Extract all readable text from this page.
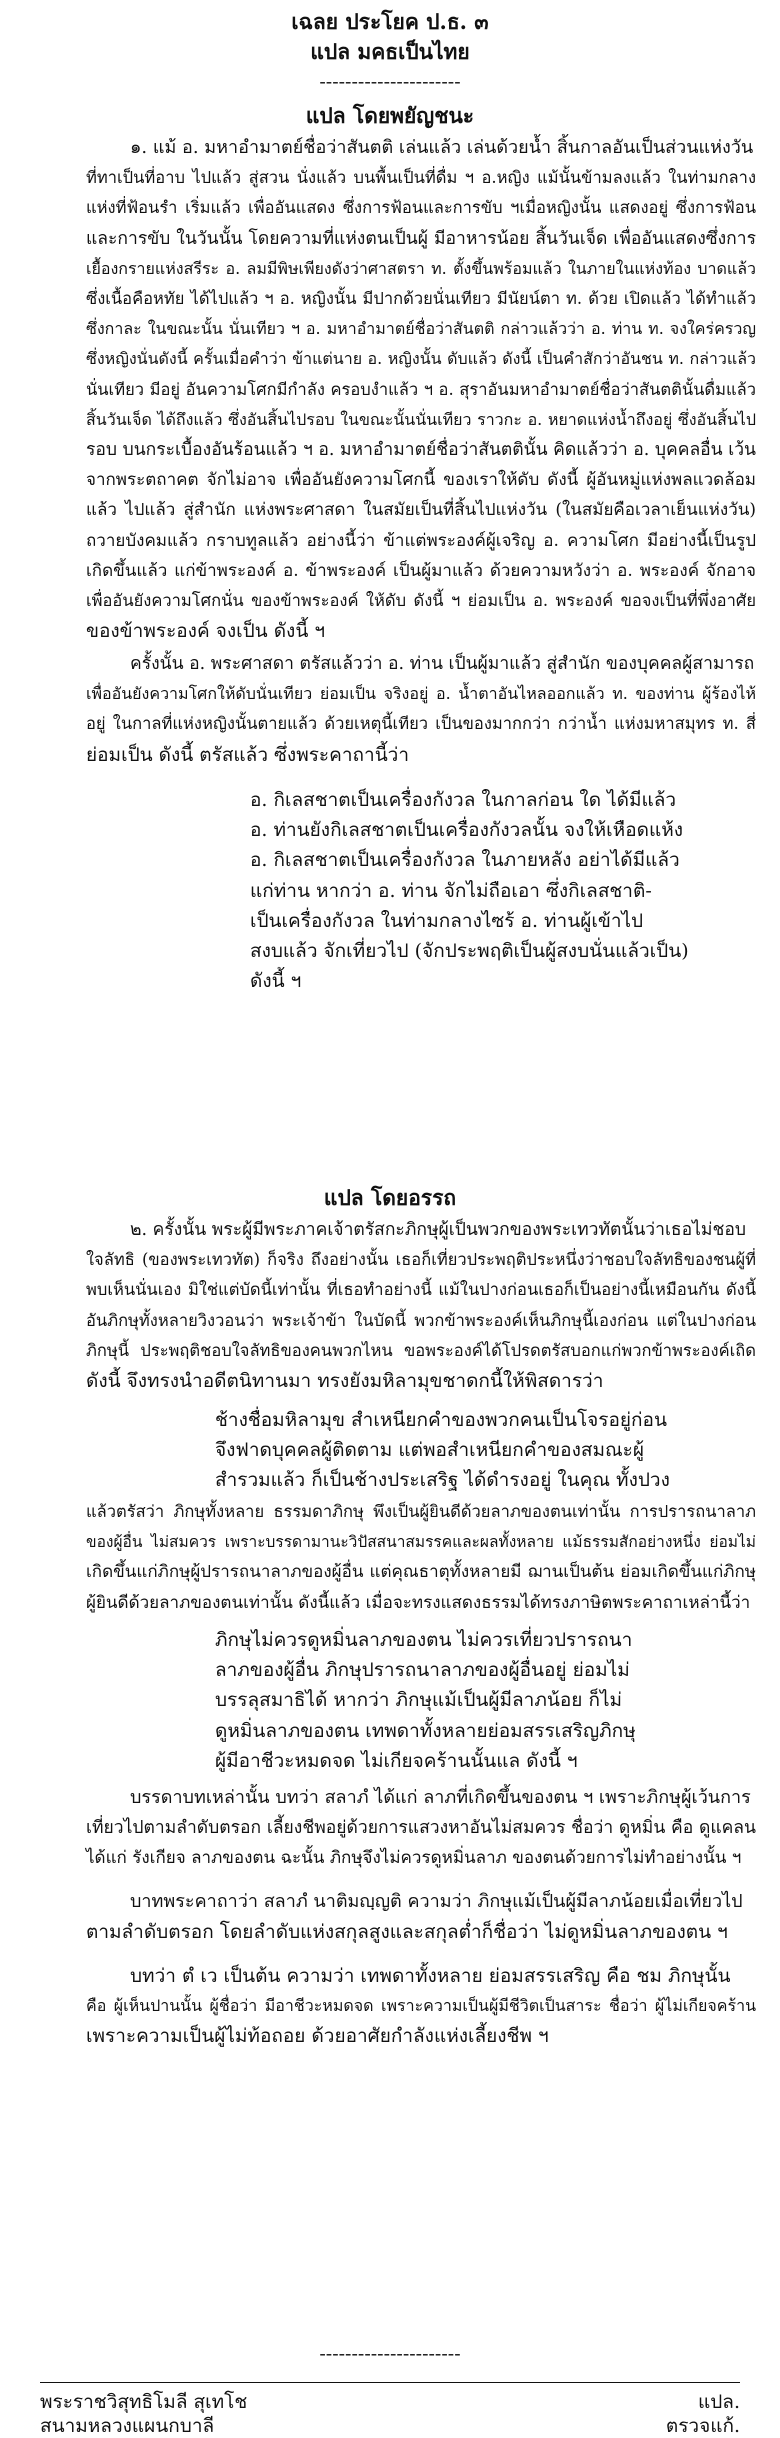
เฉลย ประโยค ป.ธ. ๓
แปล มคธเป็นไทย
----------------------
แปล โดยพยัญชนะ
๑. แม้ อ. มหาอำมาตย์ชื่อว่าสันตติ เล่นแล้ว เล่นด้วยน้ำ สิ้นกาลอันเป็นส่วนแห่งวัน
ที่ทาเป็นที่อาบ ไปแล้ว สู่สวน นั่งแล้ว บนพื้นเป็นที่ดื่ม ฯ อ.หญิง แม้นั้นข้ามลงแล้ว ในท่ามกลาง
แห่งที่ฟ้อนรำ เริ่มแล้ว เพื่ออันแสดง ซึ่งการฟ้อนและการขับ ฯเมื่อหญิงนั้น แสดงอยู่ ซึ่งการฟ้อน
และการขับ ในวันนั้น โดยความที่แห่งตนเป็นผู้ มีอาหารน้อย สิ้นวันเจ็ด เพื่ออันแสดงซึ่งการ
เยื้องกรายแห่งสรีระ อ. ลมมีพิษเพียงดังว่าศาสตรา ท. ตั้งขึ้นพร้อมแล้ว ในภายในแห่งท้อง บาดแล้ว
ซึ่งเนื้อคือหทัย ได้ไปแล้ว ฯ อ. หญิงนั้น มีปากด้วยนั่นเทียว มีนัยน์ตา ท. ด้วย เปิดแล้ว ได้ทำแล้ว
ซึ่งกาละ ในขณะนั้น นั่นเทียว ฯ อ. มหาอำมาตย์ชื่อว่าสันตติ กล่าวแล้วว่า อ. ท่าน ท. จงใคร่ครวญ
ซึ่งหญิงนั่นดังนี้ ครั้นเมื่อคำว่า ข้าแต่นาย อ. หญิงนั้น ดับแล้ว ดังนี้ เป็นคำสักว่าอันชน ท. กล่าวแล้ว
นั่นเทียว มีอยู่ อันความโศกมีกำลัง ครอบงำแล้ว ฯ อ. สุราอันมหาอำมาตย์ชื่อว่าสันตตินั้นดื่มแล้ว
สิ้นวันเจ็ด ได้ถึงแล้ว ซึ่งอันสิ้นไปรอบ ในขณะนั้นนั่นเทียว ราวกะ อ. หยาดแห่งน้ำถึงอยู่ ซึ่งอันสิ้นไป
รอบ บนกระเบื้องอันร้อนแล้ว ฯ อ. มหาอำมาตย์ชื่อว่าสันตตินั้น คิดแล้วว่า อ. บุคคลอื่น เว้น
จากพระตถาคต จักไม่อาจ เพื่ออันยังความโศกนี้ ของเราให้ดับ ดังนี้ ผู้อันหมู่แห่งพลแวดล้อม
แล้ว ไปแล้ว สู่สำนัก แห่งพระศาสดา ในสมัยเป็นที่สิ้นไปแห่งวัน (ในสมัยคือเวลาเย็นแห่งวัน)
ถวายบังคมแล้ว กราบทูลแล้ว อย่างนี้ว่า ข้าแต่พระองค์ผู้เจริญ อ. ความโศก มีอย่างนี้เป็นรูป
เกิดขึ้นแล้ว แก่ข้าพระองค์ อ. ข้าพระองค์ เป็นผู้มาแล้ว ด้วยความหวังว่า อ. พระองค์ จักอาจ
เพื่ออันยังความโศกนั่น ของข้าพระองค์ ให้ดับ ดังนี้ ฯ ย่อมเป็น อ. พระองค์ ขอจงเป็นที่พึ่งอาศัย
ของข้าพระองค์ จงเป็น ดังนี้ ฯ
ครั้งนั้น อ. พระศาสดา ตรัสแล้วว่า อ. ท่าน เป็นผู้มาแล้ว สู่สำนัก ของบุคคลผู้สามารถ
เพื่ออันยังความโศกให้ดับนั่นเทียว ย่อมเป็น จริงอยู่ อ. น้ำตาอันไหลออกแล้ว ท. ของท่าน ผู้ร้องไห้
อยู่ ในกาลที่แห่งหญิงนั้นตายแล้ว ด้วยเหตุนี้เทียว เป็นของมากกว่า กว่าน้ำ แห่งมหาสมุทร ท. สี่
ย่อมเป็น ดังนี้ ตรัสแล้ว ซึ่งพระคาถานี้ว่า
อ. กิเลสชาตเป็นเครื่องกังวล ในกาลก่อน ใด ได้มีแล้ว
อ. ท่านยังกิเลสชาตเป็นเครื่องกังวลนั้น จงให้เหือดแห้ง
อ. กิเลสชาตเป็นเครื่องกังวล ในภายหลัง อย่าได้มีแล้ว
แก่ท่าน หากว่า อ. ท่าน จักไม่ถือเอา ซึ่งกิเลสชาติ-
เป็นเครื่องกังวล ในท่ามกลางไซร้ อ. ท่านผู้เข้าไป
สงบแล้ว จักเที่ยวไป (จักประพฤติเป็นผู้สงบนั่นแล้วเป็น)
ดังนี้ ฯ
แปล โดยอรรถ
๒. ครั้งนั้น พระผู้มีพระภาคเจ้าตรัสกะภิกษุผู้เป็นพวกของพระเทวทัตนั้นว่าเธอไม่ชอบ
ใจลัทธิ (ของพระเทวทัต) ก็จริง ถึงอย่างนั้น เธอก็เที่ยวประพฤติประหนึ่งว่าชอบใจลัทธิของชนผู้ที่
พบเห็นนั่นเอง มิใช่แต่บัดนี้เท่านั้น ที่เธอทำอย่างนี้ แม้ในปางก่อนเธอก็เป็นอย่างนี้เหมือนกัน ดังนี้
อันภิกษุทั้งหลายวิงวอนว่า พระเจ้าข้า ในบัดนี้ พวกข้าพระองค์เห็นภิกษุนี้เองก่อน แต่ในปางก่อน
ภิกษุนี้ ประพฤติชอบใจลัทธิของคนพวกไหน ขอพระองค์ได้โปรดตรัสบอกแก่พวกข้าพระองค์เถิด
ดังนี้ จึงทรงนำอดีตนิทานมา ทรงยังมหิลามุขชาดกนี้ให้พิสดารว่า
ช้างชื่อมหิลามุข สำเหนียกคำของพวกคนเป็นโจรอยู่ก่อน
จึงฟาดบุคคลผู้ติดตาม แต่พอสำเหนียกคำของสมณะผู้
สำรวมแล้ว ก็เป็นช้างประเสริฐ ได้ดำรงอยู่ ในคุณ ทั้งปวง
แล้วตรัสว่า ภิกษุทั้งหลาย ธรรมดาภิกษุ พึงเป็นผู้ยินดีด้วยลาภของตนเท่านั้น การปรารถนาลาภ
ของผู้อื่น ไม่สมควร เพราะบรรดามานะวิปัสสนาสมรรคและผลทั้งหลาย แม้ธรรมสักอย่างหนึ่ง ย่อมไม่
เกิดขึ้นแก่ภิกษุผู้ปรารถนาลาภของผู้อื่น แต่คุณธาตุทั้งหลายมี ฌานเป็นต้น ย่อมเกิดขึ้นแก่ภิกษุ
ผู้ยินดีด้วยลาภของตนเท่านั้น ดังนี้แล้ว เมื่อจะทรงแสดงธรรมได้ทรงภาษิตพระคาถาเหล่านี้ว่า
ภิกษุไม่ควรดูหมิ่นลาภของตน ไม่ควรเที่ยวปรารถนา
ลาภของผู้อื่น ภิกษุปรารถนาลาภของผู้อื่นอยู่ ย่อมไม่
บรรลุสมาธิได้ หากว่า ภิกษุแม้เป็นผู้มีลาภน้อย ก็ไม่
ดูหมิ่นลาภของตน เทพดาทั้งหลายย่อมสรรเสริญภิกษุ
ผู้มีอาชีวะหมดจด ไม่เกียจคร้านนั้นแล ดังนี้ ฯ
บรรดาบทเหล่านั้น บทว่า สลาภํ ได้แก่ ลาภที่เกิดขึ้นของตน ฯ เพราะภิกษุผู้เว้นการ
เที่ยวไปตามลำดับตรอก เลี้ยงชีพอยู่ด้วยการแสวงหาอันไม่สมควร ชื่อว่า ดูหมิ่น คือ ดูแคลน
ได้แก่ รังเกียจ ลาภของตน ฉะนั้น ภิกษุจึงไม่ควรดูหมิ่นลาภ ของตนด้วยการไม่ทำอย่างนั้น ฯ
บาทพระคาถาว่า สลาภํ นาติมญฺญติ ความว่า ภิกษุแม้เป็นผู้มีลาภน้อยเมื่อเที่ยวไป
ตามลำดับตรอก โดยลำดับแห่งสกุลสูงและสกุลต่ำก็ชื่อว่า ไม่ดูหมิ่นลาภของตน ฯ
บทว่า ตํ เว เป็นต้น ความว่า เทพดาทั้งหลาย ย่อมสรรเสริญ คือ ชม ภิกษุนั้น
คือ ผู้เห็นปานนั้น ผู้ชื่อว่า มีอาชีวะหมดจด เพราะความเป็นผู้มีชีวิตเป็นสาระ ชื่อว่า ผู้ไม่เกียจคร้าน
เพราะความเป็นผู้ไม่ท้อถอย ด้วยอาศัยกำลังแห่งเลี้ยงชีพ ฯ
----------------------
พระราชวิสุทธิโมลี สุเทโช	แปล.
สนามหลวงแผนกบาลี	ตรวจแก้.
